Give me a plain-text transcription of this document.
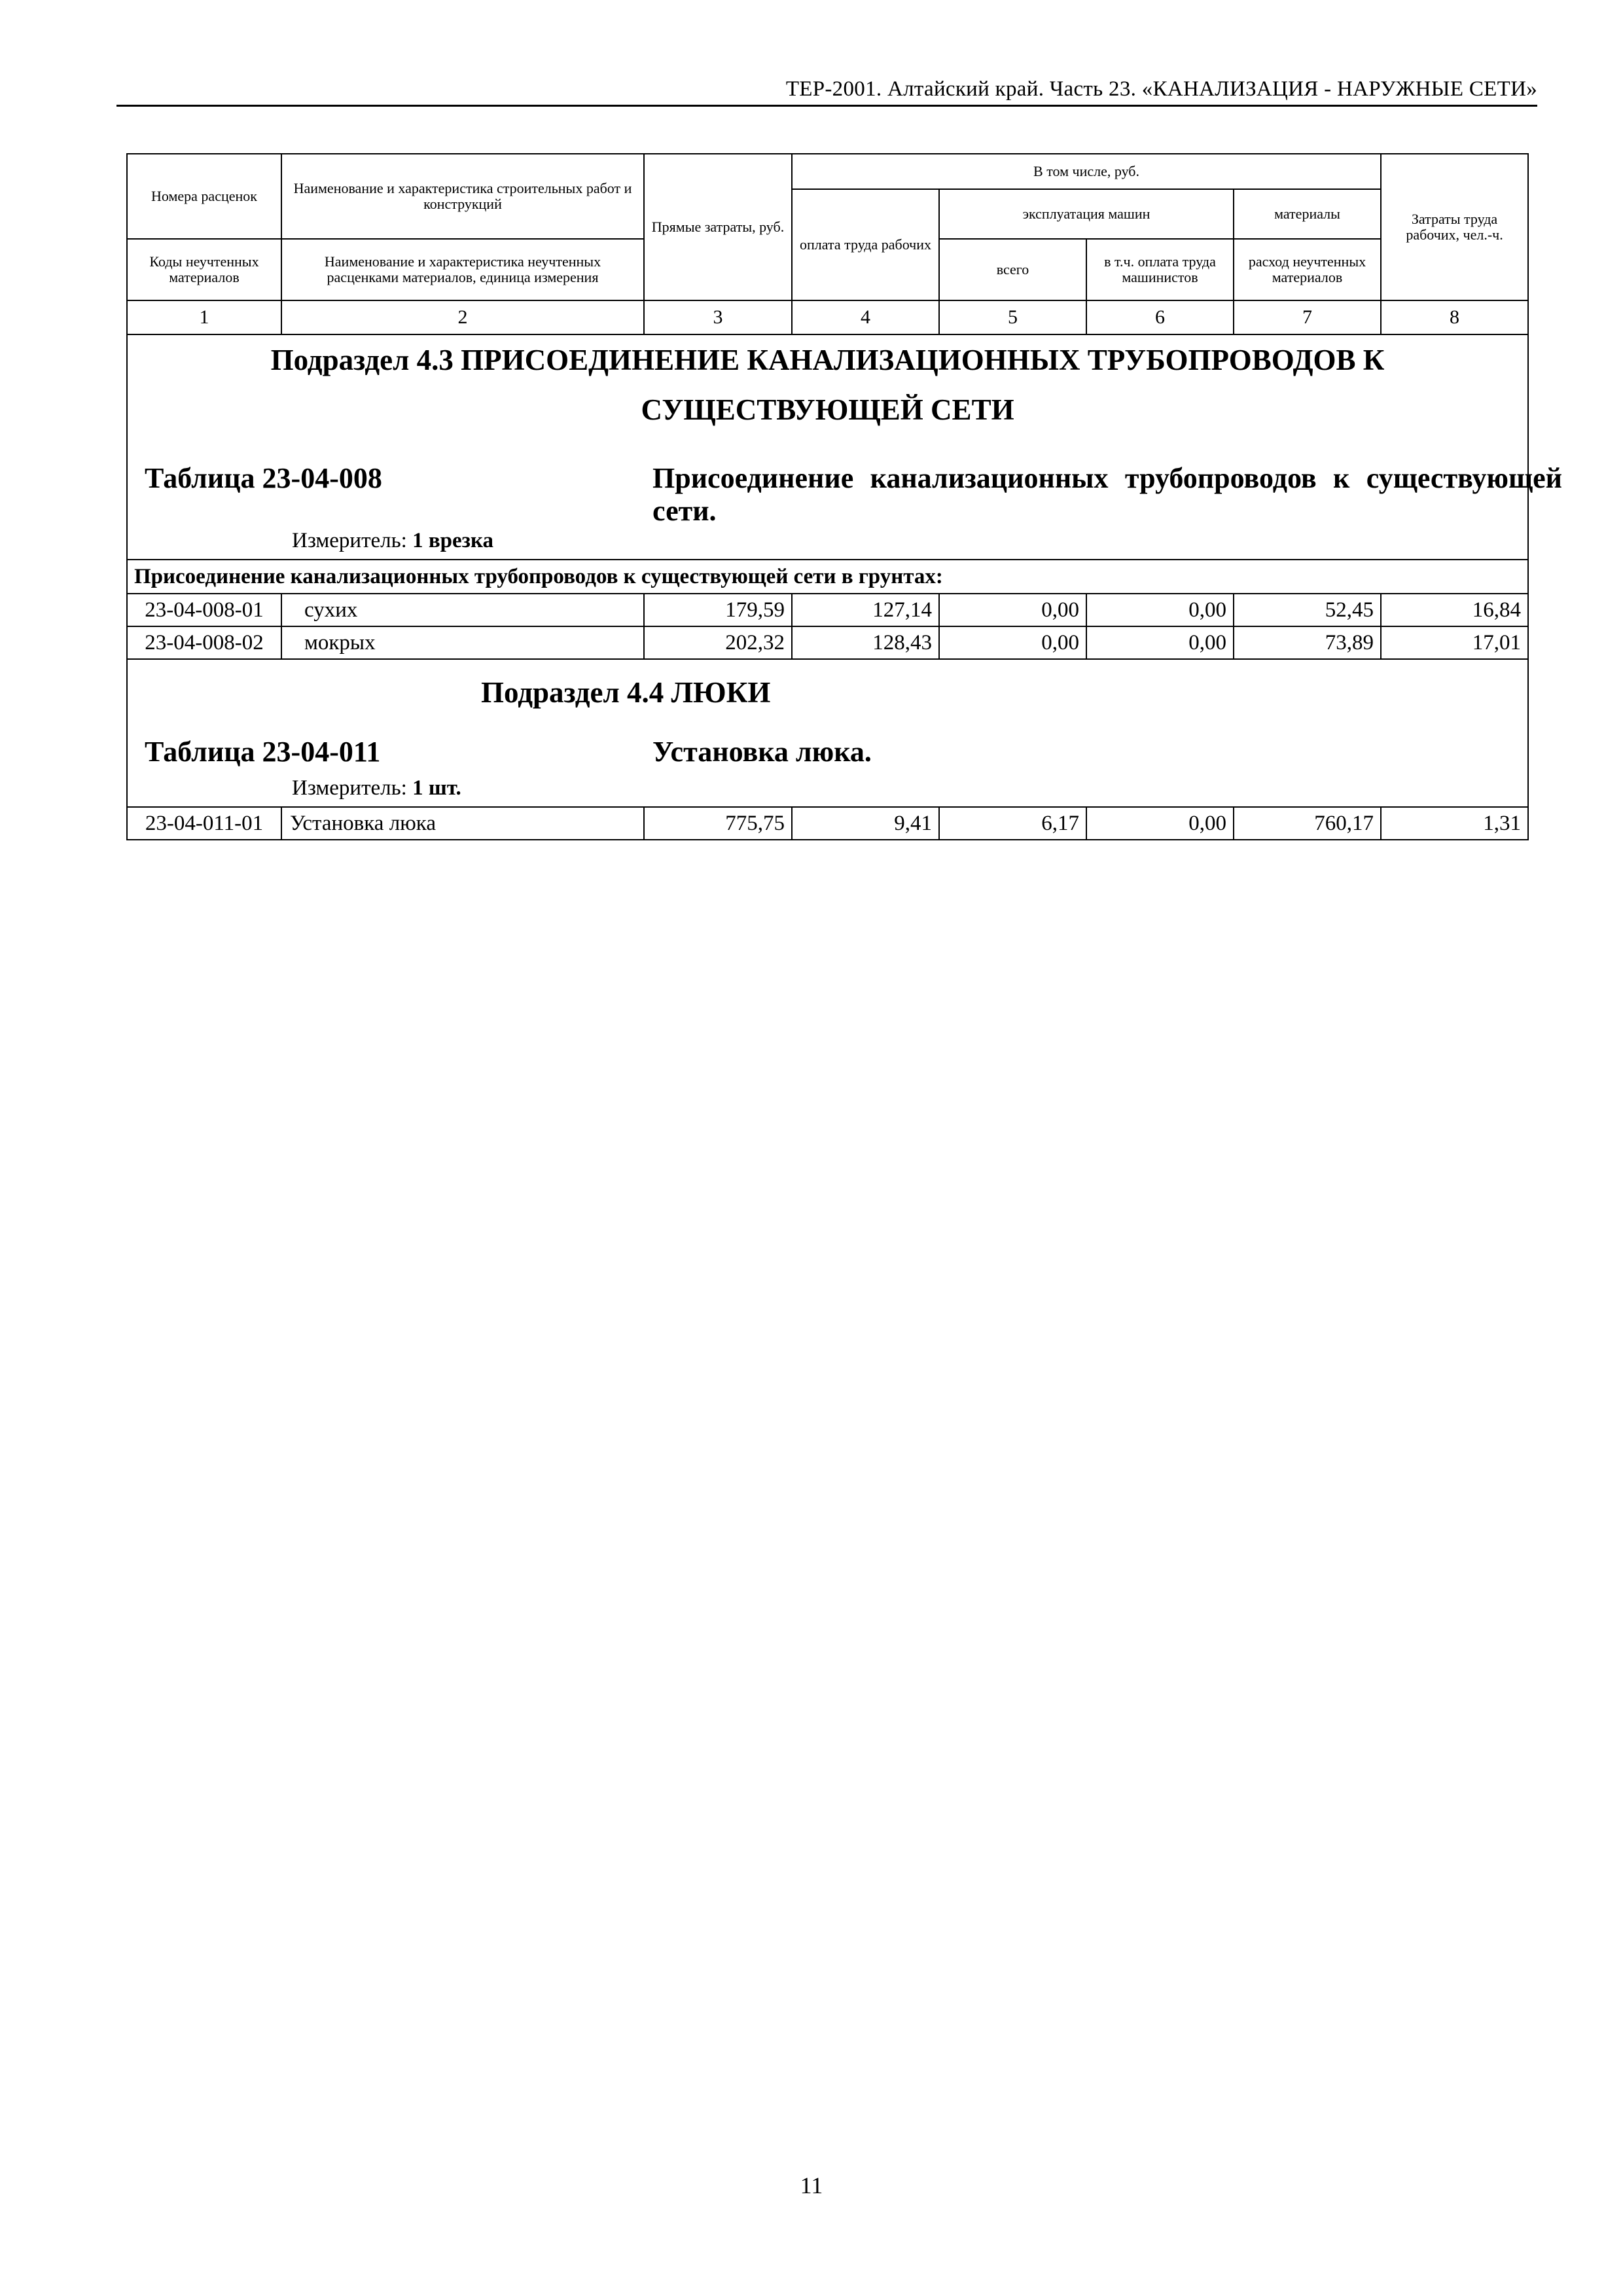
ТЕР-2001. Алтайский край. Часть 23. «КАНАЛИЗАЦИЯ - НАРУЖНЫЕ СЕТИ»
Номера расценок	Наименование и характеристика строительных работ и конструкций	Прямые затраты, руб.	В том числе, руб.				Затраты труда рабочих, чел.-ч.
			оплата труда рабочих	эксплуатация машин		материалы	
Коды неучтенных материалов	Наименование и характеристика неучтенных расценками материалов, единица измерения			всего	в т.ч. оплата труда машинистов	расход неучтенных материалов	
1	2	3	4	5	6	7	8

Подраздел 4.3 ПРИСОЕДИНЕНИЕ КАНАЛИЗАЦИОННЫХ ТРУБОПРОВОДОВ К
СУЩЕСТВУЮЩЕЙ СЕТИ							

Таблица 23-04-008 Присоединение канализационных трубопроводов к существующей сети.
Измеритель: 1 врезка							

Присоединение канализационных трубопроводов к существующей сети в грунтах:							
23-04-008-01	сухих	179,59	127,14	0,00	0,00	52,45	16,84
23-04-008-02	мокрых	202,32	128,43	0,00	0,00	73,89	17,01

Подраздел 4.4 ЛЮКИ							

Таблица 23-04-011 Установка люка.
Измеритель: 1 шт.							

23-04-011-01	Установка люка	775,75	9,41	6,17	0,00	760,17	1,31
11
